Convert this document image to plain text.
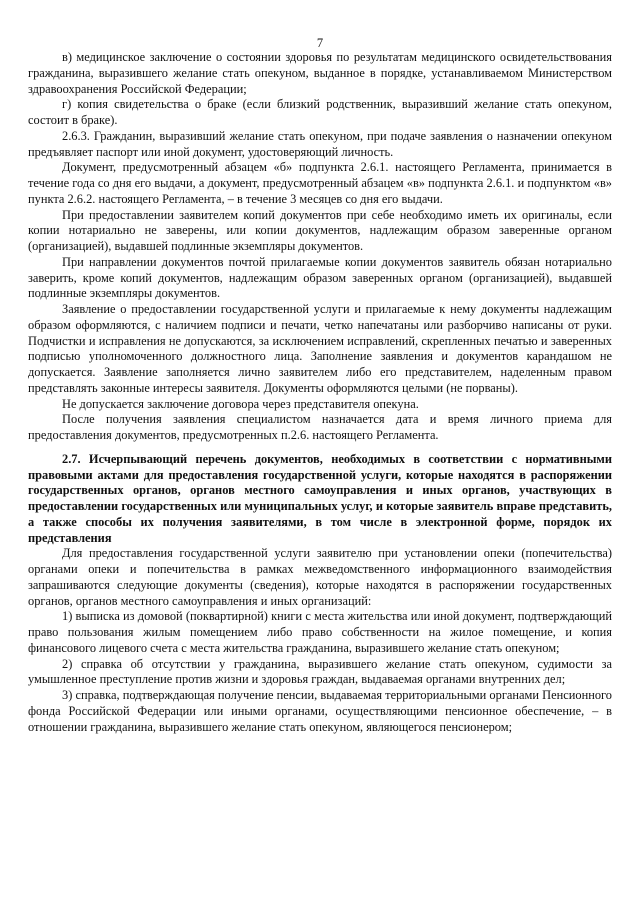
7

в) медицинское заключение о состоянии здоровья по результатам медицинского освидетельствования гражданина, выразившего желание стать опекуном, выданное в порядке, устанавливаемом Министерством здравоохранения Российской Федерации;

г) копия свидетельства о браке (если близкий родственник, выразивший желание стать опекуном, состоит в браке).

2.6.3. Гражданин, выразивший желание стать опекуном, при подаче заявления о назначении опекуном предъявляет паспорт или иной документ, удостоверяющий личность.

Документ, предусмотренный абзацем «б» подпункта 2.6.1. настоящего Регламента, принимается в течение года со дня его выдачи, а документ, предусмотренный абзацем «в» подпункта 2.6.1. и подпунктом «в» пункта 2.6.2. настоящего Регламента, – в течение 3 месяцев со дня его выдачи.

При предоставлении заявителем копий документов при себе необходимо иметь их оригиналы, если копии нотариально не заверены, или копии документов, надлежащим образом заверенные органом (организацией), выдавшей подлинные экземпляры документов.

При направлении документов почтой прилагаемые копии документов заявитель обязан нотариально заверить, кроме копий документов, надлежащим образом заверенных органом (организацией), выдавшей подлинные экземпляры документов.

Заявление о предоставлении государственной услуги и прилагаемые к нему документы надлежащим образом оформляются, с наличием подписи и печати, четко напечатаны или разборчиво написаны от руки. Подчистки и исправления не допускаются, за исключением исправлений, скрепленных печатью и заверенных подписью уполномоченного должностного лица. Заполнение заявления и документов карандашом не допускается. Заявление заполняется лично заявителем либо его представителем, наделенным правом представлять законные интересы заявителя. Документы оформляются целыми (не порваны).

Не допускается заключение договора через представителя опекуна.

После получения заявления специалистом назначается дата и время личного приема для предоставления документов, предусмотренных п.2.6. настоящего Регламента.

2.7. Исчерпывающий перечень документов, необходимых в соответствии с нормативными правовыми актами для предоставления государственной услуги, которые находятся в распоряжении государственных органов, органов местного самоуправления и иных органов, участвующих в предоставлении государственных или муниципальных услуг, и которые заявитель вправе представить, а также способы их получения заявителями, в том числе в электронной форме, порядок их представления

Для предоставления государственной услуги заявителю при установлении опеки (попечительства) органами опеки и попечительства в рамках межведомственного информационного взаимодействия запрашиваются следующие документы (сведения), которые находятся в распоряжении государственных органов, органов местного самоуправления и иных организаций:

1) выписка из домовой (поквартирной) книги с места жительства или иной документ, подтверждающий право пользования жилым помещением либо право собственности на жилое помещение, и копия финансового лицевого счета с места жительства гражданина, выразившего желание стать опекуном;

2) справка об отсутствии у гражданина, выразившего желание стать опекуном, судимости за умышленное преступление против жизни и здоровья граждан, выдаваемая органами внутренних дел;

3) справка, подтверждающая получение пенсии, выдаваемая территориальными органами Пенсионного фонда Российской Федерации или иными органами, осуществляющими пенсионное обеспечение, – в отношении гражданина, выразившего желание стать опекуном, являющегося пенсионером;
